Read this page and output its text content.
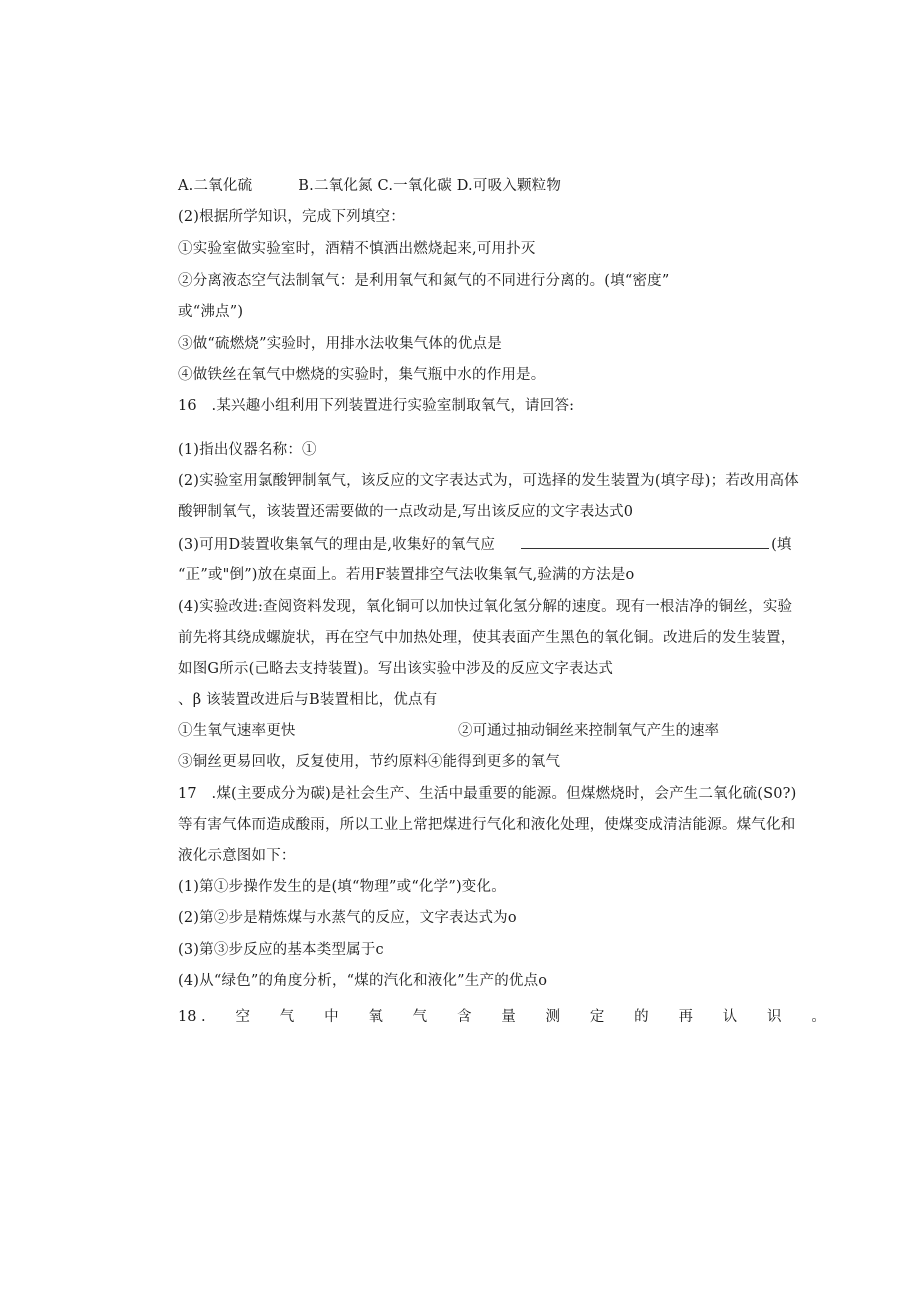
A.二氧化硫	B.二氧化氮 C.一氧化碳 D.可吸入颗粒物
(2)根据所学知识，完成下列填空：
①实验室做实验室时，酒精不慎洒出燃烧起来,可用扑灭
②分离液态空气法制氧气：是利用氧气和氮气的不同进行分离的。(填“密度”
或“沸点”)
③做“硫燃烧”实验时，用排水法收集气体的优点是
④做铁丝在氧气中燃烧的实验时，集气瓶中水的作用是。
16　.某兴趣小组利用下列装置进行实验室制取氧气，请回答:
(1)指出仪器名称：①
(2)实验室用氯酸钾制氧气，该反应的文字表达式为，可选择的发生装置为(填字母)；若改用高体
酸钾制氧气，该装置还需要做的一点改动是,写出该反应的文字表达式0
(3)可用D装置收集氧气的理由是,收集好的氧气应	(填
“正”或"倒”)放在桌面上。若用F装置排空气法收集氧气,验满的方法是o
(4)实验改进:查阅资料发现，氧化铜可以加快过氧化氢分解的速度。现有一根洁净的铜丝，实验
前先将其绕成螺旋状，再在空气中加热处理，使其表面产生黑色的氧化铜。改进后的发生装置，
如图G所示(己略去支持装置)。写出该实验中涉及的反应文字表达式
、β 该装置改进后与B装置相比，优点有
①生氧气速率更快	②可通过抽动铜丝来控制氧气产生的速率
③铜丝更易回收，反复使用，节约原料④能得到更多的氧气
17　.煤(主要成分为碳)是社会生产、生活中最重要的能源。但煤燃烧时，会产生二氧化硫(S0?)
等有害气体而造成酸雨，所以工业上常把煤进行气化和液化处理，使煤变成清洁能源。煤气化和
液化示意图如下：
(1)第①步操作发生的是(填“物理”或“化学”)变化。
(2)第②步是精炼煤与水蒸气的反应，文字表达式为o
(3)第③步反应的基本类型属于c
(4)从“绿色”的角度分析，“煤的汽化和液化”生产的优点o
18 . 空 气 中 氧 气 含 量 测 定 的 再 认 识 。
